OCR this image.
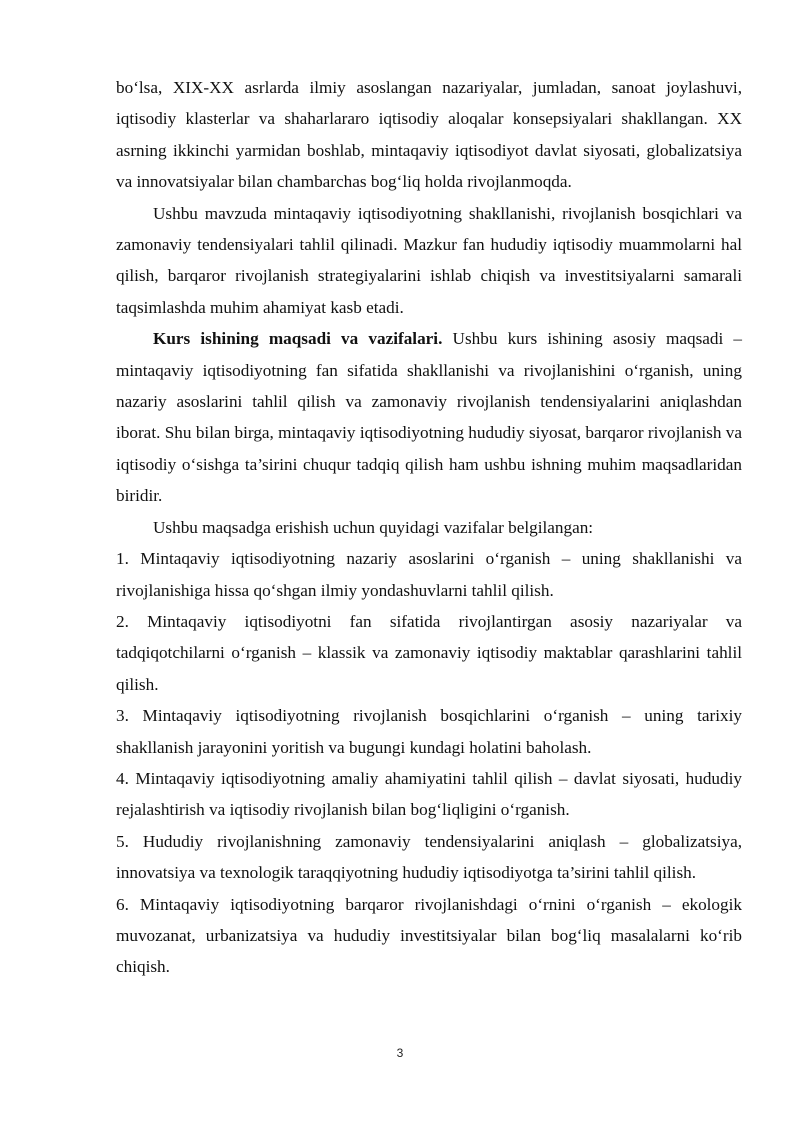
bo‘lsa, XIX-XX asrlarda ilmiy asoslangan nazariyalar, jumladan, sanoat joylashuvi, iqtisodiy klasterlar va shaharlararo iqtisodiy aloqalar konsepsiyalari shakllangan. XX asrning ikkinchi yarmidan boshlab, mintaqaviy iqtisodiyot davlat siyosati, globalizatsiya va innovatsiyalar bilan chambarchas bog‘liq holda rivojlanmoqda.

Ushbu mavzuda mintaqaviy iqtisodiyotning shakllanishi, rivojlanish bosqichlari va zamonaviy tendensiyalari tahlil qilinadi. Mazkur fan hududiy iqtisodiy muammolarni hal qilish, barqaror rivojlanish strategiyalarini ishlab chiqish va investitsiyalarni samarali taqsimlashda muhim ahamiyat kasb etadi.

Kurs ishining maqsadi va vazifalari. Ushbu kurs ishining asosiy maqsadi – mintaqaviy iqtisodiyotning fan sifatida shakllanishi va rivojlanishini o‘rganish, uning nazariy asoslarini tahlil qilish va zamonaviy rivojlanish tendensiyalarini aniqlashdan iborat. Shu bilan birga, mintaqaviy iqtisodiyotning hududiy siyosat, barqaror rivojlanish va iqtisodiy o‘sishga ta’sirini chuqur tadqiq qilish ham ushbu ishning muhim maqsadlaridan biridir.

Ushbu maqsadga erishish uchun quyidagi vazifalar belgilangan:

1. Mintaqaviy iqtisodiyotning nazariy asoslarini o‘rganish – uning shakllanishi va rivojlanishiga hissa qo‘shgan ilmiy yondashuvlarni tahlil qilish.

2. Mintaqaviy iqtisodiyotni fan sifatida rivojlantirgan asosiy nazariyalar va tadqiqotchilarni o‘rganish – klassik va zamonaviy iqtisodiy maktablar qarashlarini tahlil qilish.

3. Mintaqaviy iqtisodiyotning rivojlanish bosqichlarini o‘rganish – uning tarixiy shakllanish jarayonini yoritish va bugungi kundagi holatini baholash.

4. Mintaqaviy iqtisodiyotning amaliy ahamiyatini tahlil qilish – davlat siyosati, hududiy rejalashtirish va iqtisodiy rivojlanish bilan bog‘liqligini o‘rganish.

5. Hududiy rivojlanishning zamonaviy tendensiyalarini aniqlash – globalizatsiya, innovatsiya va texnologik taraqqiyotning hududiy iqtisodiyotga ta’sirini tahlil qilish.

6. Mintaqaviy iqtisodiyotning barqaror rivojlanishdagi o‘rnini o‘rganish – ekologik muvozanat, urbanizatsiya va hududiy investitsiyalar bilan bog‘liq masalalarni ko‘rib chiqish.

3
